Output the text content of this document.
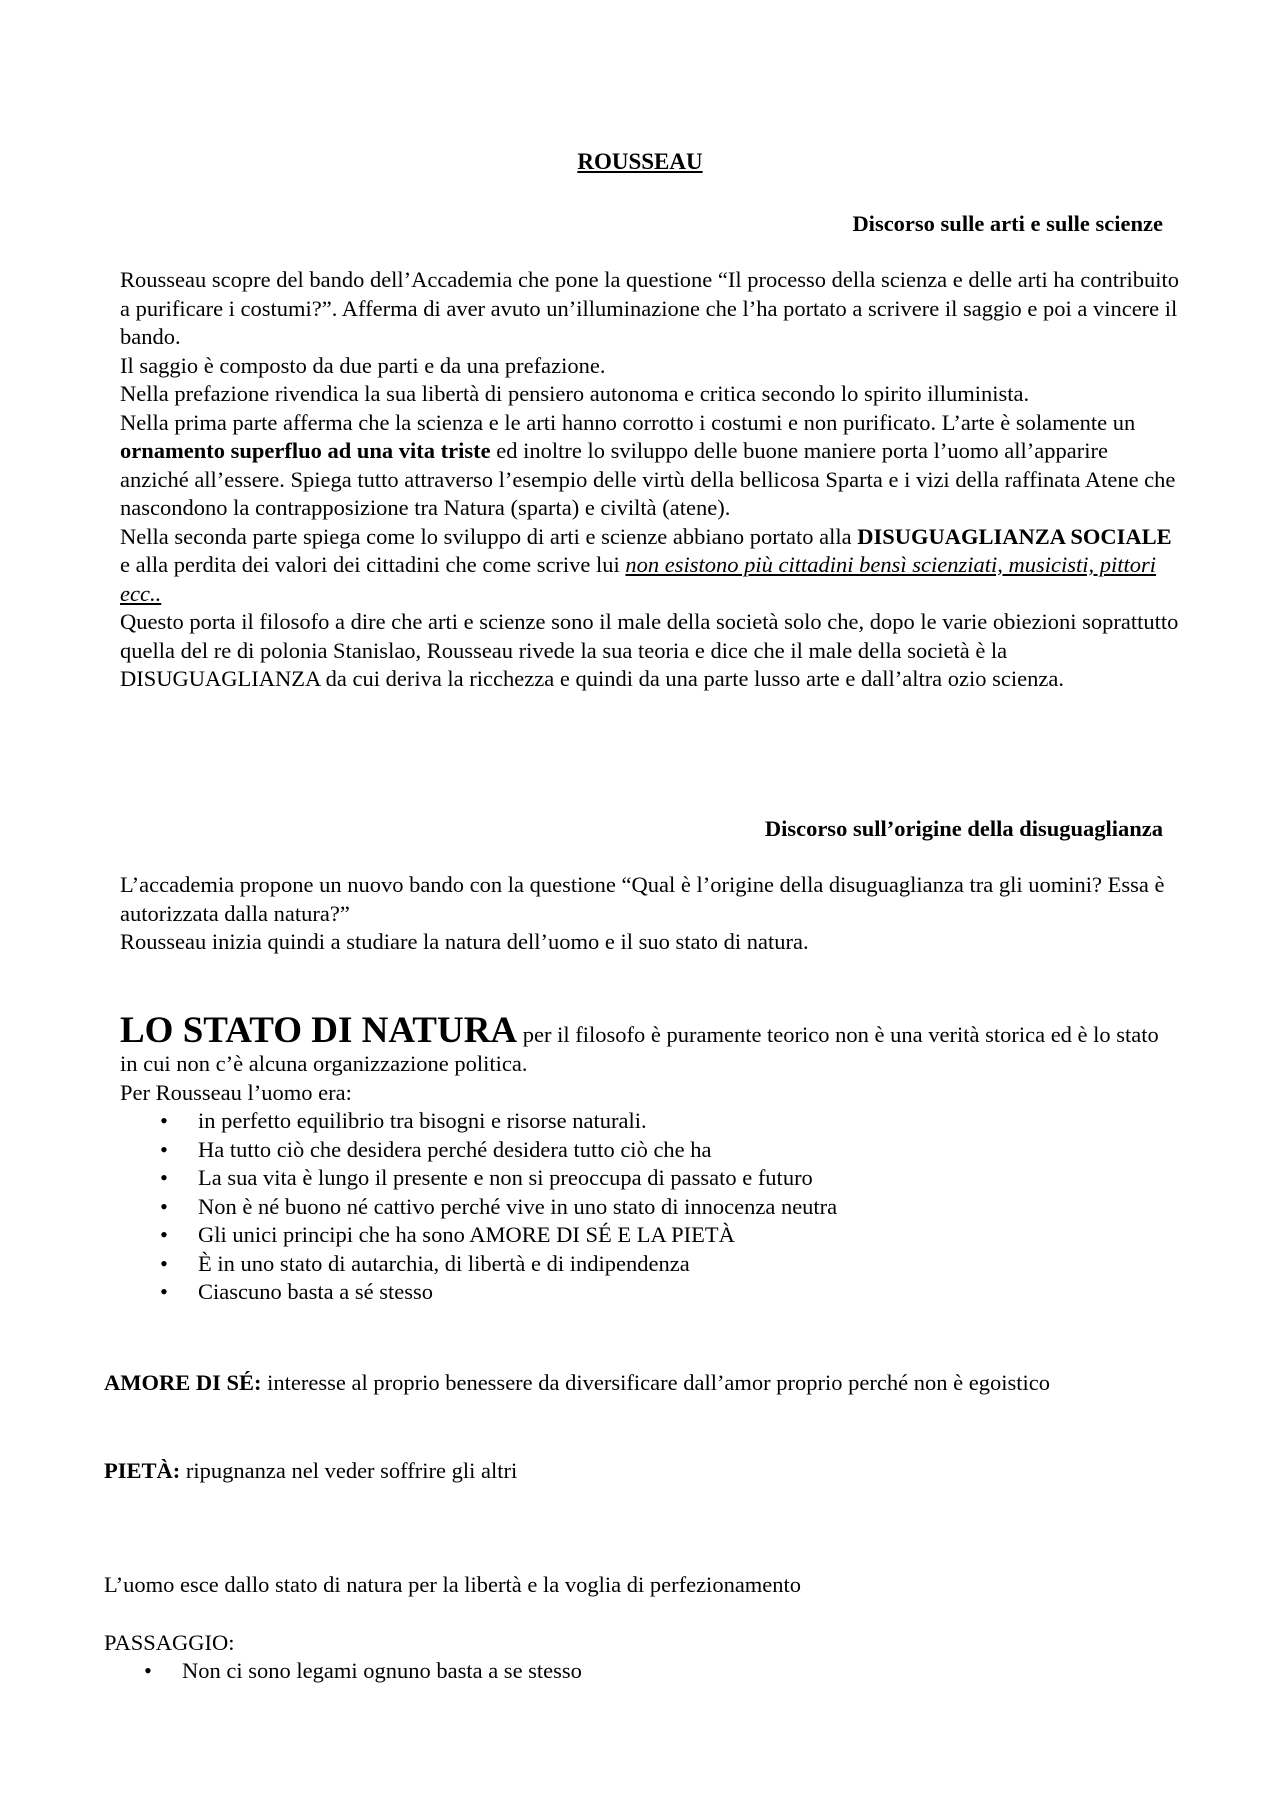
ROUSSEAU
Discorso sulle arti e sulle scienze

Rousseau scopre del bando dell’Accademia che pone la questione “Il processo della scienza e delle arti ha contribuito a purificare i costumi?”. Afferma di aver avuto un’illuminazione che l’ha portato a scrivere il saggio e poi a vincere il bando.

Il saggio è composto da due parti e da una prefazione.

Nella prefazione rivendica la sua libertà di pensiero autonoma e critica secondo lo spirito illuminista.

Nella prima parte afferma che la scienza e le arti hanno corrotto i costumi e non purificato. L’arte è solamente un ornamento superfluo ad una vita triste ed inoltre lo sviluppo delle buone maniere porta l’uomo all’apparire anziché all’essere. Spiega tutto attraverso l’esempio delle virtù della bellicosa Sparta e i vizi della raffinata Atene che nascondono la contrapposizione tra Natura (sparta) e civiltà (atene).

Nella seconda parte spiega come lo sviluppo di arti e scienze abbiano portato alla DISUGUAGLIANZA SOCIALE e alla perdita dei valori dei cittadini che come scrive lui non esistono più cittadini bensì scienziati, musicisti, pittori ecc..

Questo porta il filosofo a dire che arti e scienze sono il male della società solo che, dopo le varie obiezioni soprattutto quella del re di polonia Stanislao, Rousseau rivede la sua teoria e dice che il male della società è la DISUGUAGLIANZA da cui deriva la ricchezza e quindi da una parte lusso arte e dall’altra ozio scienza.

Discorso sull’origine della disuguaglianza

L’accademia propone un nuovo bando con la questione “Qual è l’origine della disuguaglianza tra gli uomini? Essa è autorizzata dalla natura?”

Rousseau inizia quindi a studiare la natura dell’uomo e il suo stato di natura.

LO STATO DI NATURA per il filosofo è puramente teorico non è una verità storica ed è lo stato in cui non c’è alcuna organizzazione politica.

Per Rousseau l’uomo era:

• in perfetto equilibrio tra bisogni e risorse naturali.
• Ha tutto ciò che desidera perché desidera tutto ciò che ha
• La sua vita è lungo il presente e non si preoccupa di passato e futuro
• Non è né buono né cattivo perché vive in uno stato di innocenza neutra
• Gli unici principi che ha sono AMORE DI SÉ E LA PIETÀ
• È in uno stato di autarchia, di libertà e di indipendenza
• Ciascuno basta a sé stesso

AMORE DI SÉ: interesse al proprio benessere da diversificare dall’amor proprio perché non è egoistico

PIETÀ: ripugnanza nel veder soffrire gli altri

L’uomo esce dallo stato di natura per la libertà e la voglia di perfezionamento
PASSAGGIO:
• Non ci sono legami ognuno basta a se stesso
